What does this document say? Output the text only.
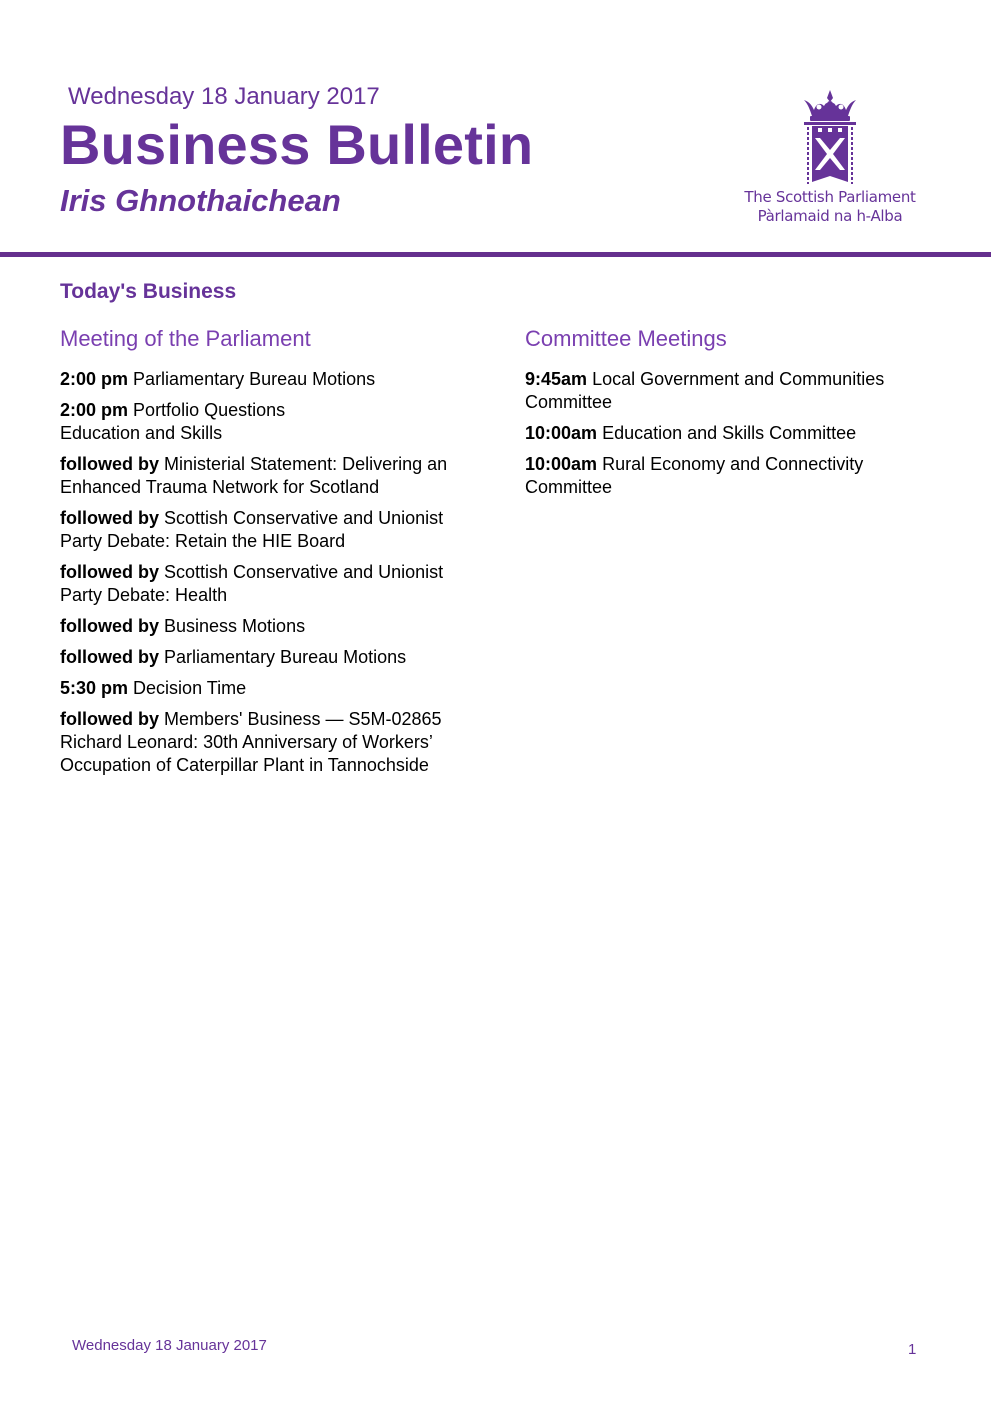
Wednesday 18 January 2017
Business Bulletin
Iris Ghnothaichean	The Scottish Parliament
Pàrlamaid na h-Alba
Today's Business
Meeting of the Parliament
2:00 pm Parliamentary Bureau Motions
2:00 pm Portfolio Questions
Education and Skills
followed by Ministerial Statement: Delivering an Enhanced Trauma Network for Scotland
followed by Scottish Conservative and Unionist Party Debate: Retain the HIE Board
followed by Scottish Conservative and Unionist Party Debate: Health
followed by Business Motions
followed by Parliamentary Bureau Motions
5:30 pm Decision Time
followed by Members' Business — S5M-02865 Richard Leonard: 30th Anniversary of Workers’ Occupation of Caterpillar Plant in Tannochside
Committee Meetings
9:45am Local Government and Communities Committee
10:00am Education and Skills Committee
10:00am Rural Economy and Connectivity Committee
Wednesday 18 January 2017	1
